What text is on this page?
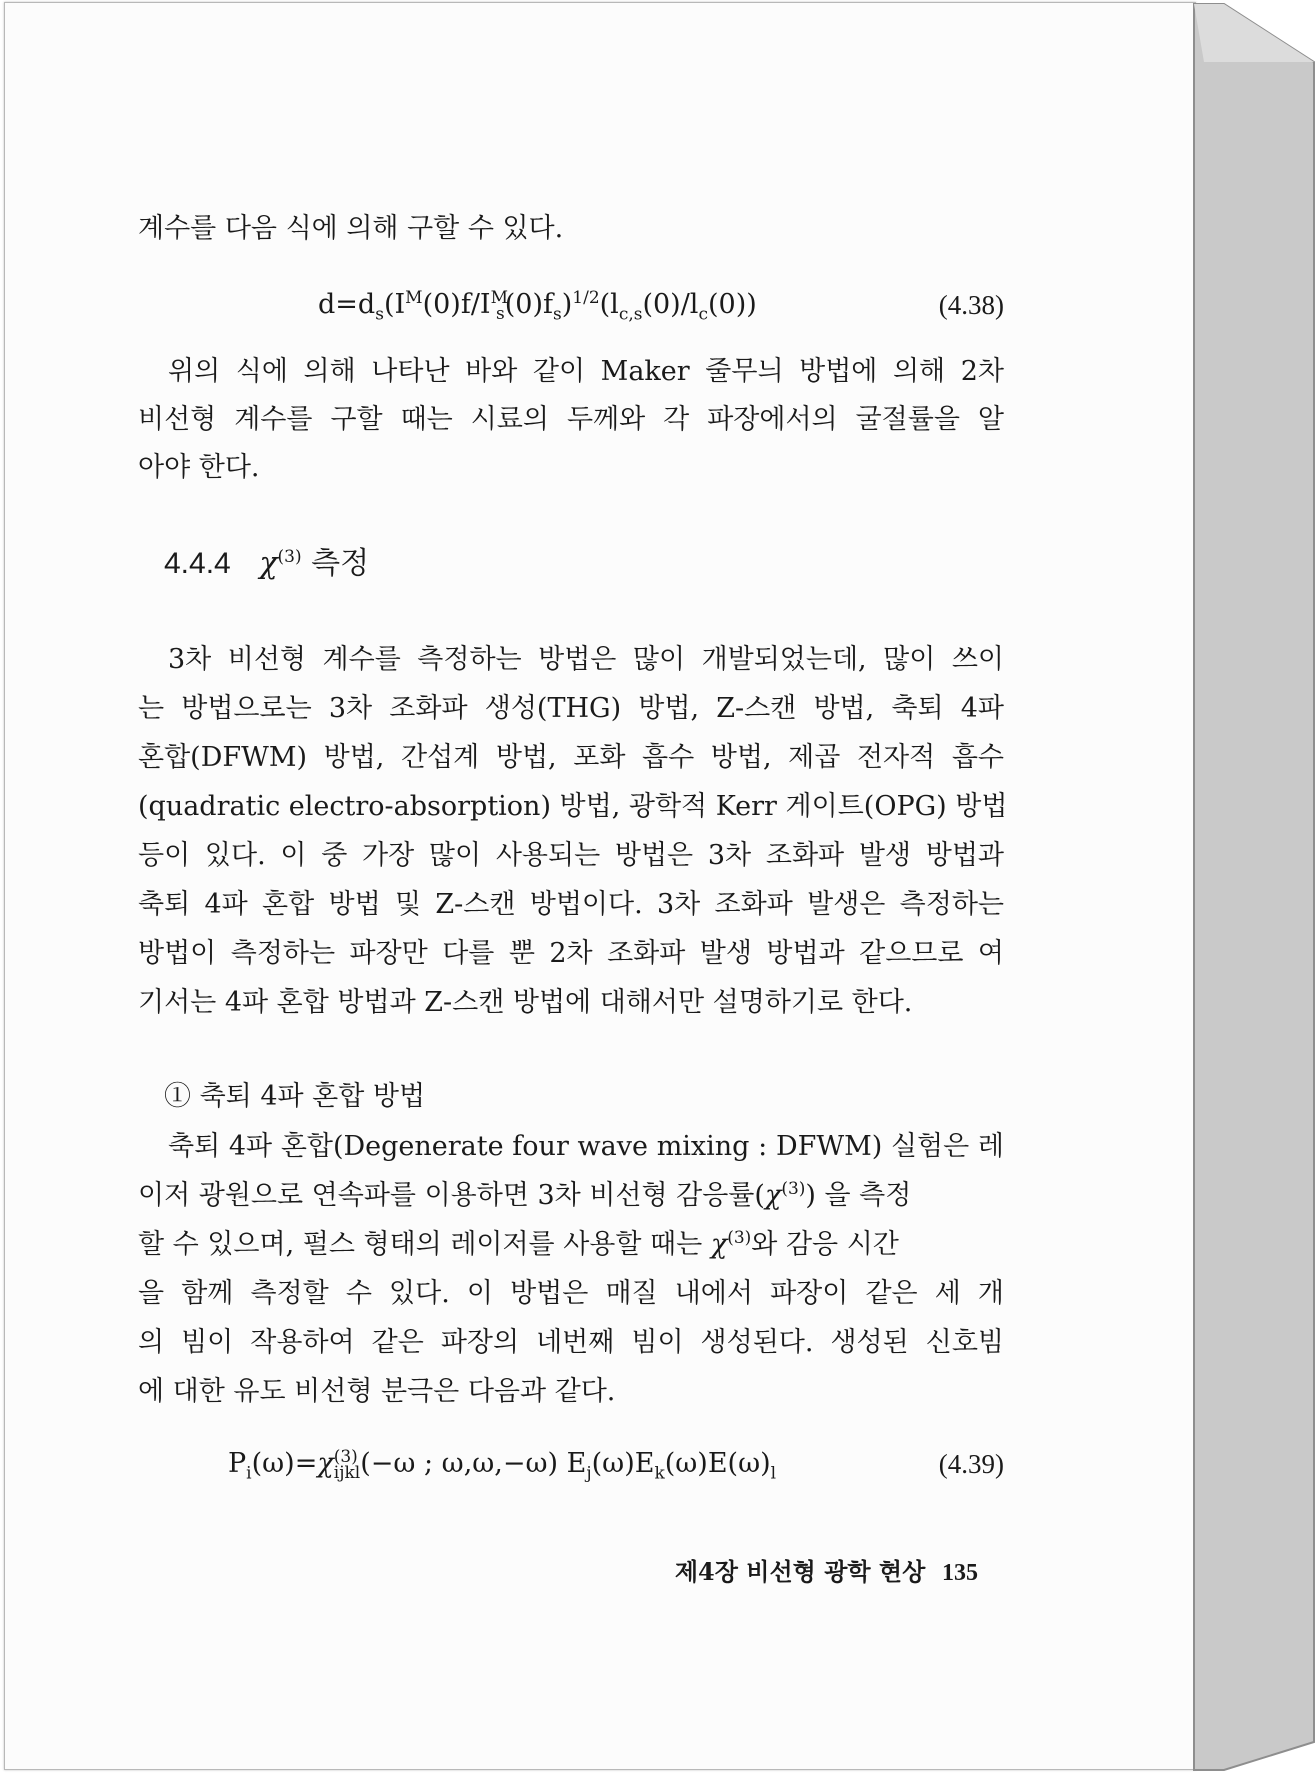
계수를 다음 식에 의해 구할 수 있다.
$d=d_s(I^M(0)f/I^M_s(0)f_s)^{1/2}(l_{c,s}(0)/l_c(0))$	(4.38)
위의 식에 의해 나타난 바와 같이 Maker 줄무늬 방법에 의해 2차
비선형 계수를 구할 때는 시료의 두께와 각 파장에서의 굴절률을 알
아야 한다.
4.4.4 $\chi^{(3)}$ 측정
3차 비선형 계수를 측정하는 방법은 많이 개발되었는데, 많이 쓰이
는 방법으로는 3차 조화파 생성(THG) 방법, Z-스캔 방법, 축퇴 4파
혼합(DFWM) 방법, 간섭계 방법, 포화 흡수 방법, 제곱 전자적 흡수
(quadratic electro-absorption) 방법, 광학적 Kerr 게이트(OPG) 방법
등이 있다. 이 중 가장 많이 사용되는 방법은 3차 조화파 발생 방법과
축퇴 4파 혼합 방법 및 Z-스캔 방법이다. 3차 조화파 발생은 측정하는
방법이 측정하는 파장만 다를 뿐 2차 조화파 발생 방법과 같으므로 여
기서는 4파 혼합 방법과 Z-스캔 방법에 대해서만 설명하기로 한다.
① 축퇴 4파 혼합 방법
축퇴 4파 혼합(Degenerate four wave mixing : DFWM) 실험은 레
이저 광원으로 연속파를 이용하면 3차 비선형 감응률$(\chi^{(3)})$ 을 측정
할 수 있으며, 펄스 형태의 레이저를 사용할 때는 $\chi^{(3)}$와 감응 시간
을 함께 측정할 수 있다. 이 방법은 매질 내에서 파장이 같은 세 개
의 빔이 작용하여 같은 파장의 네번째 빔이 생성된다. 생성된 신호빔
에 대한 유도 비선형 분극은 다음과 같다.
$P_i(\omega)=\chi^{(3)}_{ijkl}(-\omega$ ; ω,ω,−ω) $E_j(\omega)E_k(\omega)E(\omega)_l$	(4.39)
제4장 비선형 광학 현상 135
